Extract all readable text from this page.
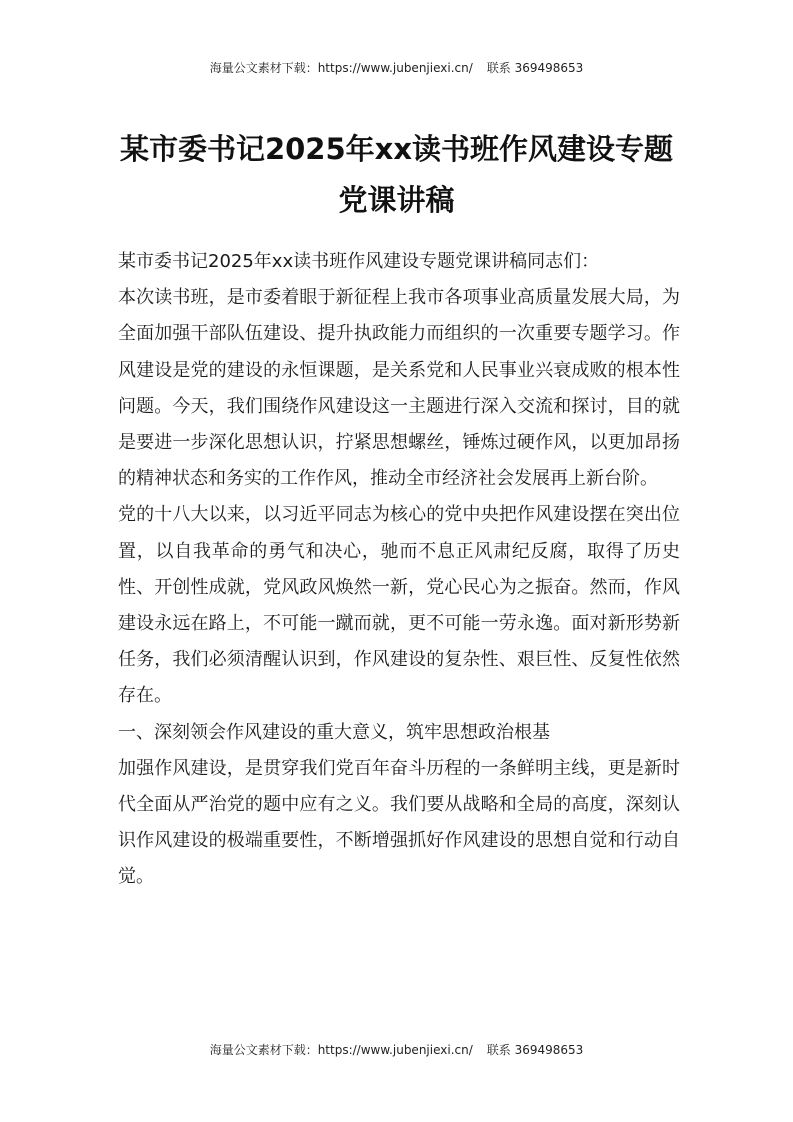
海量公文素材下载：https://www.jubenjiexi.cn/ 联系 369498653
某市委书记2025年xx读书班作风建设专题党课讲稿

某市委书记2025年xx读书班作风建设专题党课讲稿同志们：

本次读书班，是市委着眼于新征程上我市各项事业高质量发展大局，为全面加强干部队伍建设、提升执政能力而组织的一次重要专题学习。作风建设是党的建设的永恒课题，是关系党和人民事业兴衰成败的根本性问题。今天，我们围绕作风建设这一主题进行深入交流和探讨，目的就是要进一步深化思想认识，拧紧思想螺丝，锤炼过硬作风，以更加昂扬的精神状态和务实的工作作风，推动全市经济社会发展再上新台阶。

党的十八大以来，以习近平同志为核心的党中央把作风建设摆在突出位置，以自我革命的勇气和决心，驰而不息正风肃纪反腐，取得了历史性、开创性成就，党风政风焕然一新，党心民心为之振奋。然而，作风建设永远在路上，不可能一蹴而就，更不可能一劳永逸。面对新形势新任务，我们必须清醒认识到，作风建设的复杂性、艰巨性、反复性依然存在。

一、深刻领会作风建设的重大意义，筑牢思想政治根基

加强作风建设，是贯穿我们党百年奋斗历程的一条鲜明主线，更是新时代全面从严治党的题中应有之义。我们要从战略和全局的高度，深刻认识作风建设的极端重要性，不断增强抓好作风建设的思想自觉和行动自觉。

海量公文素材下载：https://www.jubenjiexi.cn/ 联系 369498653
